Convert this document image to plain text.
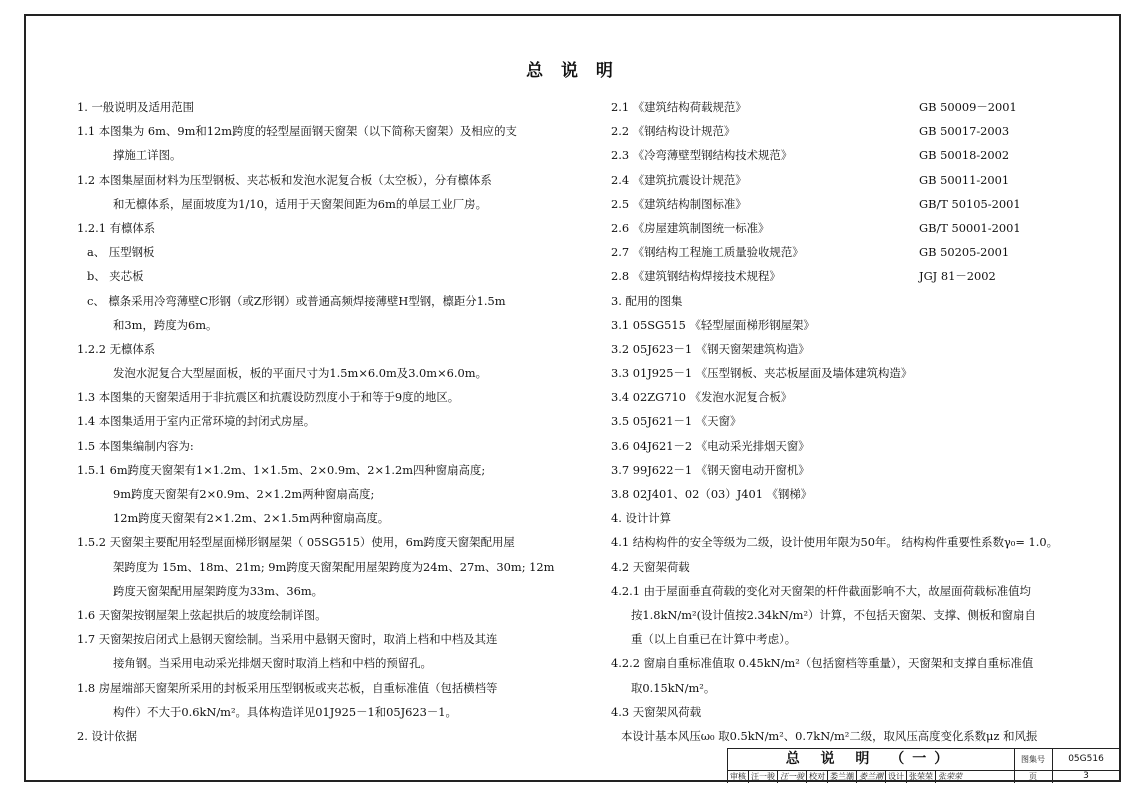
总 说 明
1. 一般说明及适用范围
1.1 本图集为 6m、9m和12m跨度的轻型屋面钢天窗架（以下简称天窗架）及相应的支
撑施工详图。
1.2 本图集屋面材料为压型钢板、夹芯板和发泡水泥复合板（太空板），分有檩体系
和无檩体系，屋面坡度为1/10，适用于天窗架间距为6m的单层工业厂房。
1.2.1 有檩体系
a、 压型钢板
b、 夹芯板
c、 檩条采用冷弯薄壁C形钢（或Z形钢）或普通高频焊接薄壁H型钢，檩距分1.5m
和3m，跨度为6m。
1.2.2 无檩体系
发泡水泥复合大型屋面板，板的平面尺寸为1.5m×6.0m及3.0m×6.0m。
1.3 本图集的天窗架适用于非抗震区和抗震设防烈度小于和等于9度的地区。
1.4 本图集适用于室内正常环境的封闭式房屋。
1.5 本图集编制内容为:
1.5.1 6m跨度天窗架有1×1.2m、1×1.5m、2×0.9m、2×1.2m四种窗扇高度;
9m跨度天窗架有2×0.9m、2×1.2m两种窗扇高度;
12m跨度天窗架有2×1.2m、2×1.5m两种窗扇高度。
1.5.2 天窗架主要配用轻型屋面梯形钢屋架（ 05SG515）使用，6m跨度天窗架配用屋
架跨度为 15m、18m、21m; 9m跨度天窗架配用屋架跨度为24m、27m、30m; 12m
跨度天窗架配用屋架跨度为33m、36m。
1.6 天窗架按钢屋架上弦起拱后的坡度绘制详图。
1.7 天窗架按启闭式上悬钢天窗绘制。当采用中悬钢天窗时，取消上档和中档及其连
接角钢。当采用电动采光排烟天窗时取消上档和中档的预留孔。
1.8 房屋端部天窗架所采用的封板采用压型钢板或夹芯板，自重标准值（包括横档等
构件）不大于0.6kN/m²。具体构造详见01J925－1和05J623－1。
2. 设计依据
2.1 《建筑结构荷载规范》	GB 50009－2001
2.2 《钢结构设计规范》	GB 50017-2003
2.3 《冷弯薄壁型钢结构技术规范》	GB 50018-2002
2.4 《建筑抗震设计规范》	GB 50011-2001
2.5 《建筑结构制图标准》	GB/T 50105-2001
2.6 《房屋建筑制图统一标准》	GB/T 50001-2001
2.7 《钢结构工程施工质量验收规范》	GB 50205-2001
2.8 《建筑钢结构焊接技术规程》	JGJ 81－2002
3. 配用的图集
3.1 05SG515 《轻型屋面梯形钢屋架》
3.2 05J623－1 《钢天窗架建筑构造》
3.3 01J925－1 《压型钢板、夹芯板屋面及墙体建筑构造》
3.4 02ZG710 《发泡水泥复合板》
3.5 05J621－1 《天窗》
3.6 04J621－2 《电动采光排烟天窗》
3.7 99J622－1 《钢天窗电动开窗机》
3.8 02J401、02（03）J401 《钢梯》
4. 设计计算
4.1 结构构件的安全等级为二级，设计使用年限为50年。 结构构件重要性系数γ₀= 1.0。
4.2 天窗架荷载
4.2.1 由于屋面垂直荷载的变化对天窗架的杆件截面影响不大，故屋面荷载标准值均
按1.8kN/m²(设计值按2.34kN/m²）计算，不包括天窗架、支撑、侧板和窗扇自
重（以上自重已在计算中考虑）。
4.2.2 窗扇自重标准值取 0.45kN/m²（包括窗档等重量），天窗架和支撑自重标准值
取0.15kN/m²。
4.3 天窗架风荷载
本设计基本风压ω₀ 取0.5kN/m²、0.7kN/m²二级，取风压高度变化系数μz 和风振
总 说 明 （一）	图集号	05G516
审核 汪一骏 汪一骏 校对 娄兰潮 娄兰潮 设计 张荣荣 张荣荣	页	3
